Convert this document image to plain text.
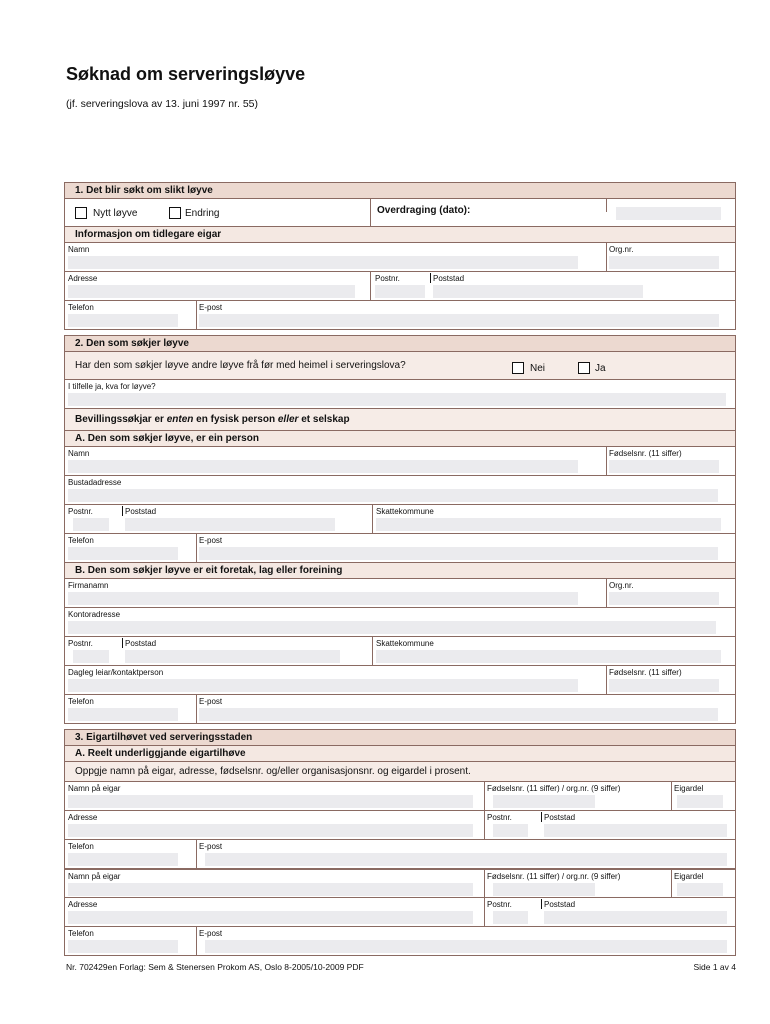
Søknad om serveringsløyve
(jf. serveringslova av 13. juni 1997 nr. 55)
1. Det blir søkt om slikt løyve
Nytt løyve	Endring	Overdraging (dato):
Informasjon om tidlegare eigar
Namn	Org.nr.
Adresse	Postnr.	Poststad
Telefon	E-post
2. Den som søkjer løyve
Har den som søkjer løyve andre løyve frå før med heimel i serveringslova?	Nei	Ja
I tilfelle ja, kva for løyve?
Bevillingssøkjar er enten en fysisk person eller et selskap
A. Den som søkjer løyve, er ein person
Namn	Fødselsnr. (11 siffer)
Bustadadresse
Postnr.	Poststad	Skattekommune
Telefon	E-post
B. Den som søkjer løyve er eit foretak, lag eller foreining
Firmanamn	Org.nr.
Kontoradresse
Postnr.	Poststad	Skattekommune
Dagleg leiar/kontaktperson	Fødselsnr. (11 siffer)
Telefon	E-post
3. Eigartilhøvet ved serveringsstaden
A. Reelt underliggjande eigartilhøve
Oppgje namn på eigar, adresse, fødselsnr. og/eller organisasjonsnr. og eigardel i prosent.
Namn på eigar	Fødselsnr. (11 siffer) / org.nr. (9 siffer)	Eigardel
Adresse	Postnr.	Poststad
Telefon	E-post
Namn på eigar	Fødselsnr. (11 siffer) / org.nr. (9 siffer)	Eigardel
Adresse	Postnr.	Poststad
Telefon	E-post
Nr. 702429en Forlag: Sem & Stenersen Prokom AS, Oslo 8-2005/10-2009 PDF	Side 1 av 4
